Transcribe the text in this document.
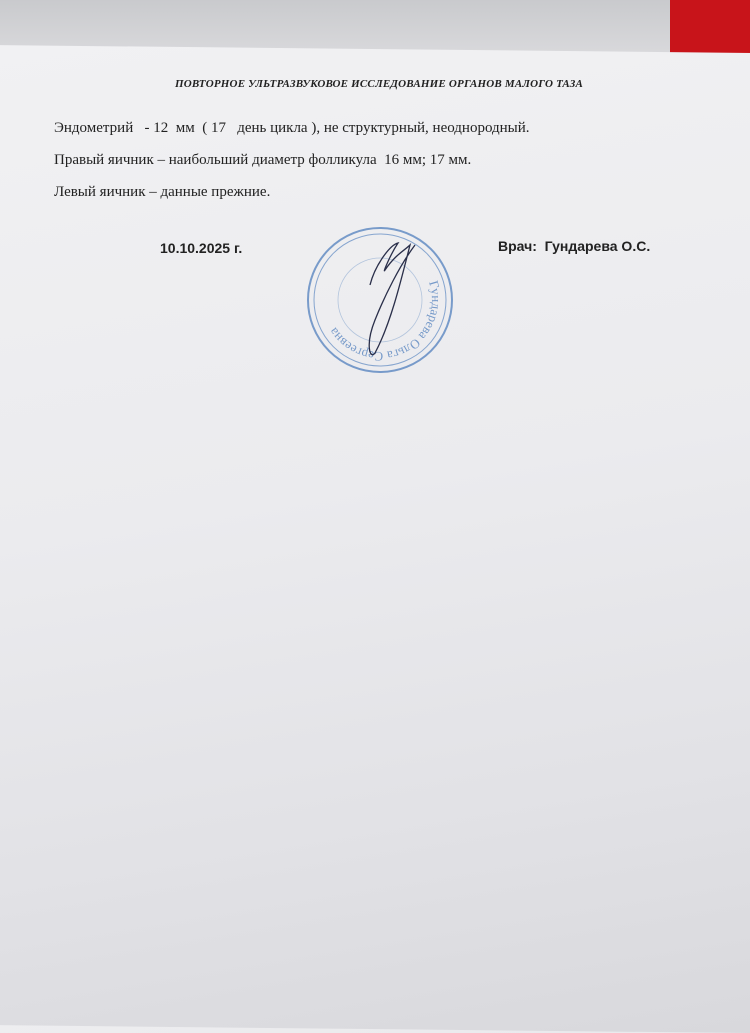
ПОВТОРНОЕ УЛЬТРАЗВУКОВОЕ ИССЛЕДОВАНИЕ ОРГАНОВ МАЛОГО ТАЗА
Эндометрий   - 12  мм  ( 17   день цикла ), не структурный, неоднородный.
Правый яичник – наибольший диаметр фолликула  16 мм; 17 мм.
Левый яичник – данные прежние.
10.10.2025 г.	Врач:  Гундарева О.С.
Гундарева Ольга Сергеевна
